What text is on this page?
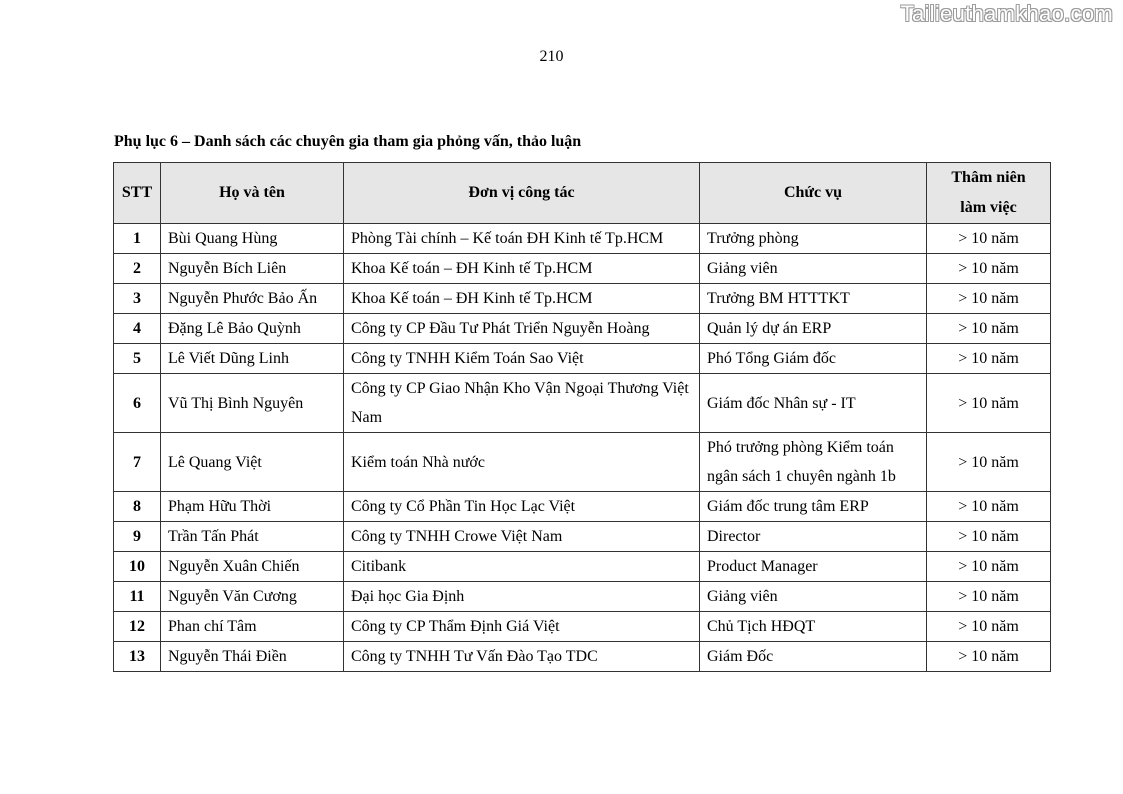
Tailieuthamkhao.com
210
Phụ lục 6 – Danh sách các chuyên gia tham gia phỏng vấn, thảo luận
STT	Họ và tên	Đơn vị công tác	Chức vụ	Thâm niên
làm việc
1	Bùi Quang Hùng	Phòng Tài chính – Kế toán ĐH Kinh tế Tp.HCM	Trưởng phòng	> 10 năm
2	Nguyễn Bích Liên	Khoa Kế toán – ĐH Kinh tế Tp.HCM	Giảng viên	> 10 năm
3	Nguyễn Phước Bảo Ấn	Khoa Kế toán – ĐH Kinh tế Tp.HCM	Trưởng BM HTTTKT	> 10 năm
4	Đặng Lê Bảo Quỳnh	Công ty CP Đầu Tư Phát Triển Nguyễn Hoàng	Quản lý dự án ERP	> 10 năm
5	Lê Viết Dũng Linh	Công ty TNHH Kiểm Toán Sao Việt	Phó Tổng Giám đốc	> 10 năm
6	Vũ Thị Bình Nguyên	Công ty CP Giao Nhận Kho Vận Ngoại Thương Việt Nam	Giám đốc Nhân sự - IT	> 10 năm
7	Lê Quang Việt	Kiểm toán Nhà nước	Phó trưởng phòng Kiểm toán ngân sách 1 chuyên ngành 1b	> 10 năm
8	Phạm Hữu Thời	Công ty Cổ Phần Tin Học Lạc Việt	Giám đốc trung tâm ERP	> 10 năm
9	Trần Tấn Phát	Công ty TNHH Crowe Việt Nam	Director	> 10 năm
10	Nguyễn Xuân Chiến	Citibank	Product Manager	> 10 năm
11	Nguyễn Văn Cương	Đại học Gia Định	Giảng viên	> 10 năm
12	Phan chí Tâm	Công ty CP Thẩm Định Giá Việt	Chủ Tịch HĐQT	> 10 năm
13	Nguyễn Thái Điền	Công ty TNHH Tư Vấn Đào Tạo TDC	Giám Đốc	> 10 năm
